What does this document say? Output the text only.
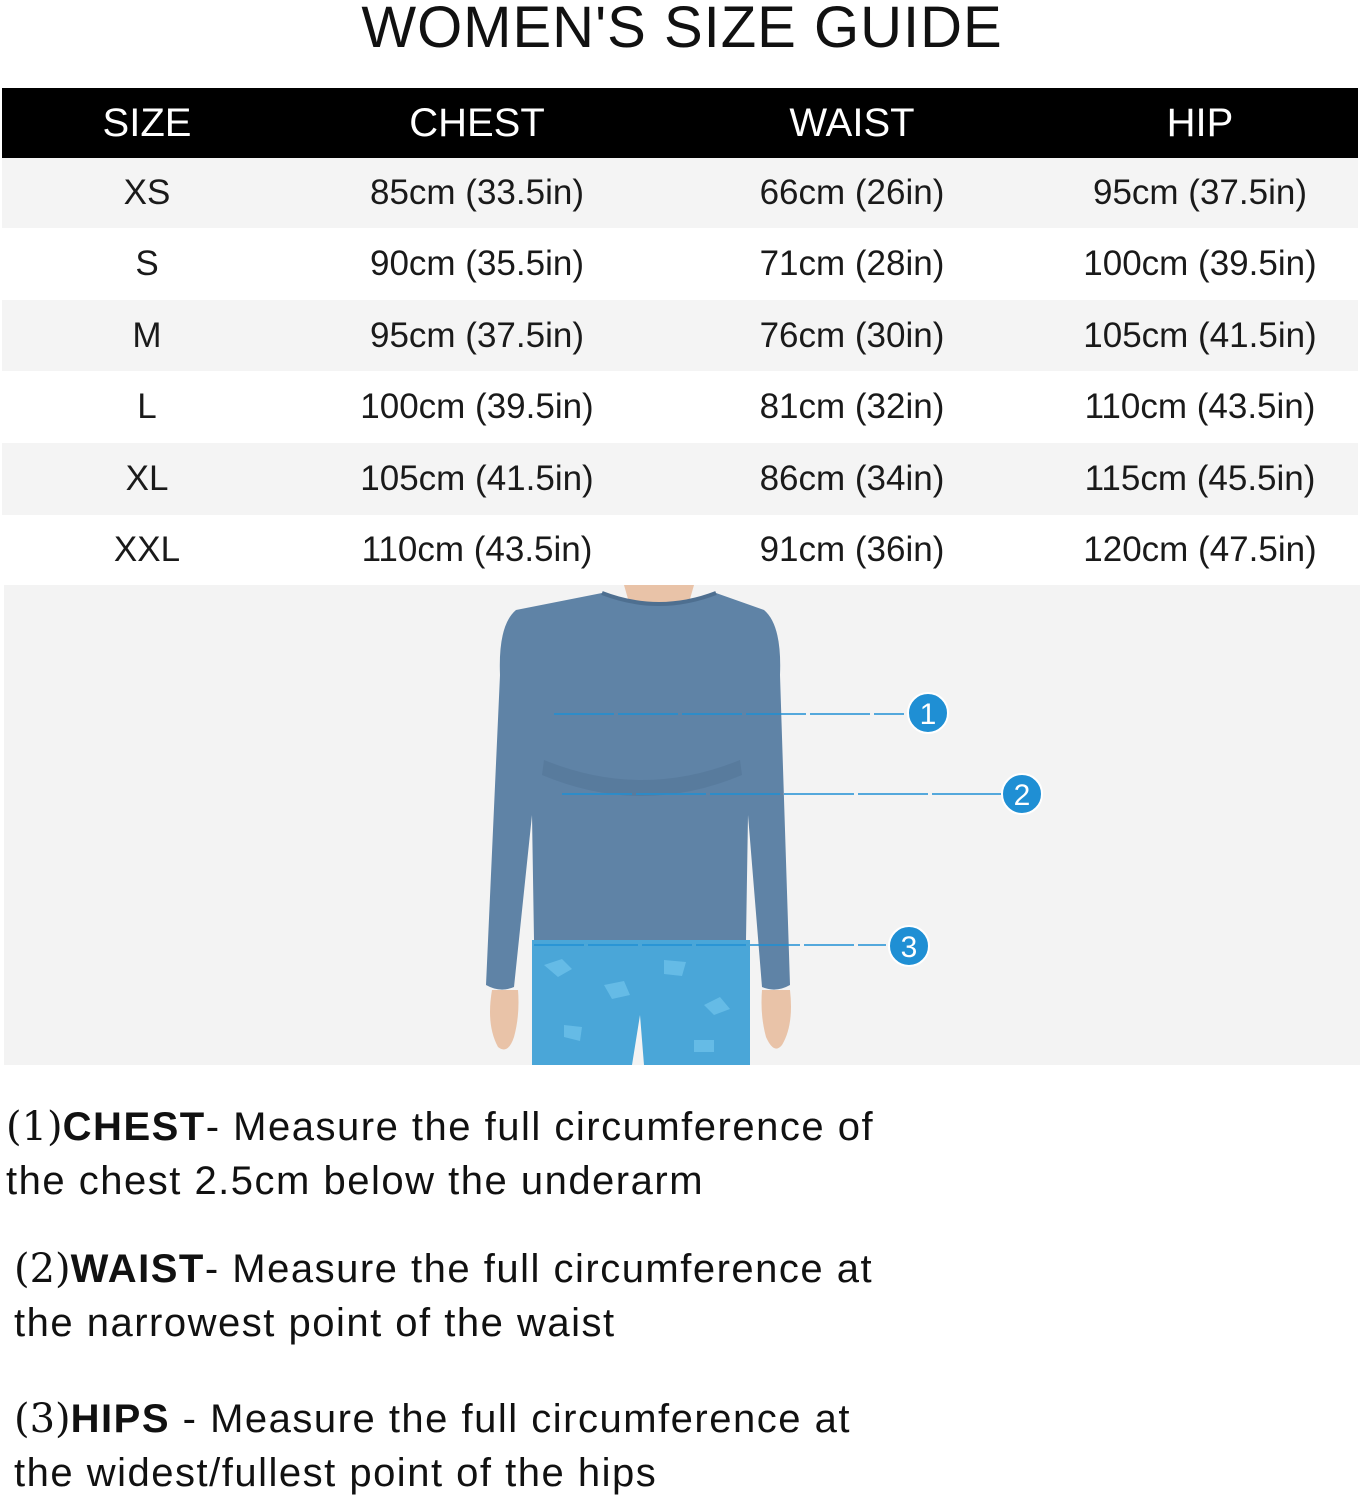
WOMEN'S SIZE GUIDE
SIZE	CHEST	WAIST	HIP
XS	85cm (33.5in)	66cm (26in)	95cm (37.5in)
S	90cm (35.5in)	71cm (28in)	100cm (39.5in)
M	95cm (37.5in)	76cm (30in)	105cm (41.5in)
L	100cm (39.5in)	81cm (32in)	110cm (43.5in)
XL	105cm (41.5in)	86cm (34in)	115cm (45.5in)
XXL	110cm (43.5in)	91cm (36in)	120cm (47.5in)
1
2
3
(1)CHEST- Measure the full circumference of
the chest 2.5cm below the underarm
(2)WAIST- Measure the full circumference at
the narrowest point of the waist
(3)HIPS - Measure the full circumference at
the widest/fullest point of the hips
